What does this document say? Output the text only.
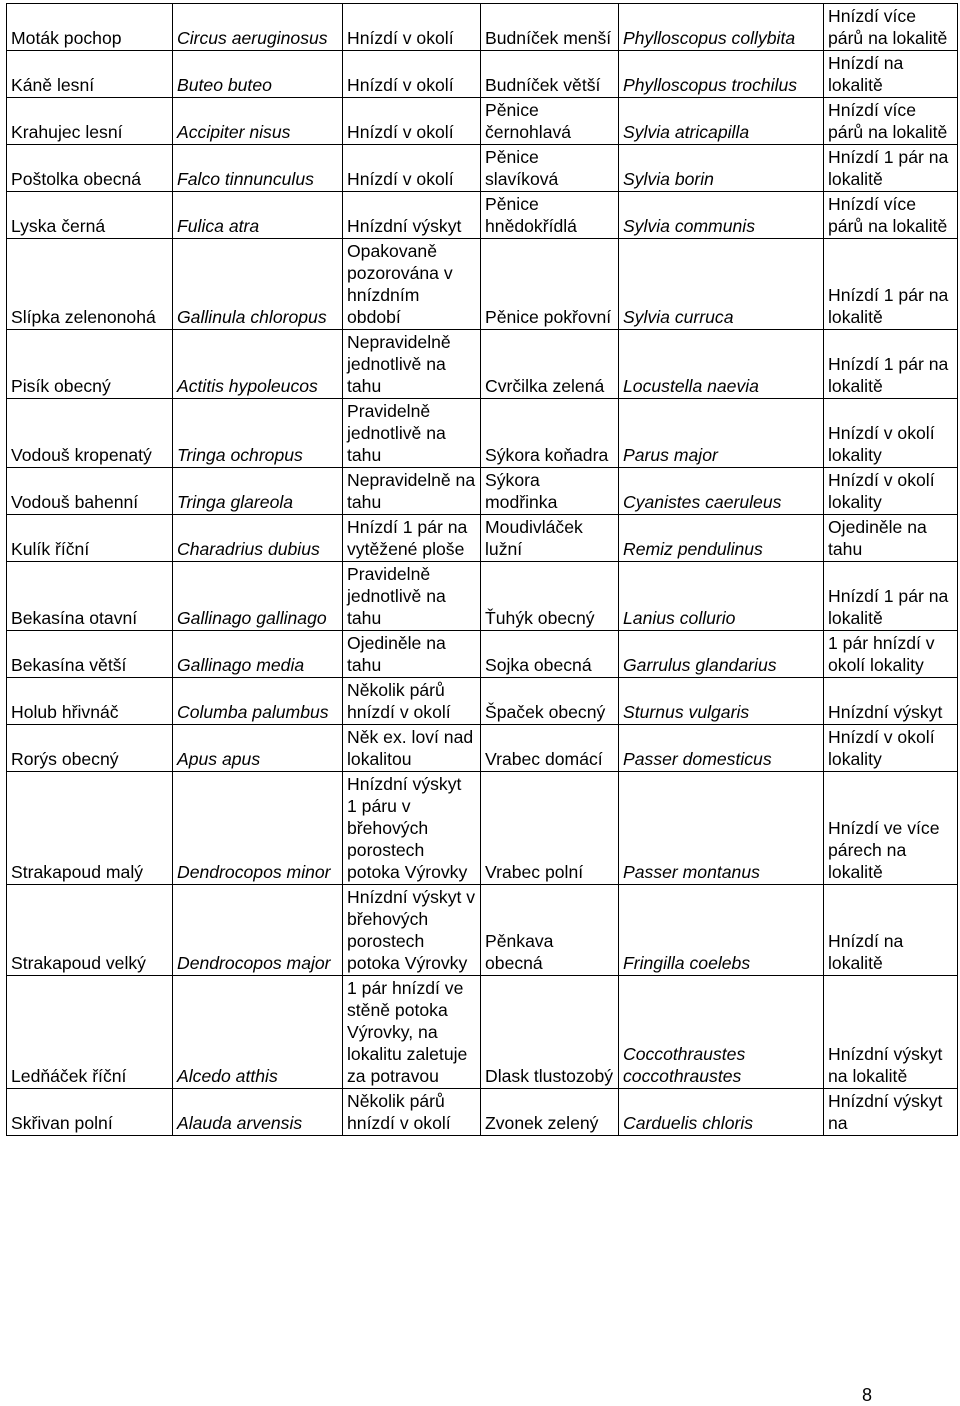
Moták pochop	Circus aeruginosus	Hnízdí v okolí	Budníček menší	Phylloscopus collybita	Hnízdí více párů na lokalitě
Káně lesní	Buteo buteo	Hnízdí v okolí	Budníček větší	Phylloscopus trochilus	Hnízdí na lokalitě
Krahujec lesní	Accipiter nisus	Hnízdí v okolí	Pěnice černohlavá	Sylvia atricapilla	Hnízdí více párů na lokalitě
Poštolka obecná	Falco tinnunculus	Hnízdí v okolí	Pěnice slavíková	Sylvia borin	Hnízdí 1 pár na lokalitě
Lyska černá	Fulica atra	Hnízdní výskyt	Pěnice hnědokřídlá	Sylvia communis	Hnízdí více párů na lokalitě
Slípka zelenonohá	Gallinula chloropus	Opakovaně pozorována v hnízdním období	Pěnice pokřovní	Sylvia curruca	Hnízdí 1 pár na lokalitě
Pisík obecný	Actitis hypoleucos	Nepravidelně jednotlivě na tahu	Cvrčilka zelená	Locustella naevia	Hnízdí 1 pár na lokalitě
Vodouš kropenatý	Tringa ochropus	Pravidelně jednotlivě na tahu	Sýkora koňadra	Parus major	Hnízdí v okolí lokality
Vodouš bahenní	Tringa glareola	Nepravidelně na tahu	Sýkora modřinka	Cyanistes caeruleus	Hnízdí v okolí lokality
Kulík říční	Charadrius dubius	Hnízdí 1 pár na vytěžené ploše	Moudivláček lužní	Remiz pendulinus	Ojediněle na tahu
Bekasína otavní	Gallinago gallinago	Pravidelně jednotlivě na tahu	Ťuhýk obecný	Lanius collurio	Hnízdí 1 pár na lokalitě
Bekasína větší	Gallinago media	Ojediněle na tahu	Sojka obecná	Garrulus glandarius	1 pár hnízdí v okolí lokality
Holub hřivnáč	Columba palumbus	Několik párů hnízdí v okolí	Špaček obecný	Sturnus vulgaris	Hnízdní výskyt
Rorýs obecný	Apus apus	Něk ex. loví nad lokalitou	Vrabec domácí	Passer domesticus	Hnízdí v okolí lokality
Strakapoud malý	Dendrocopos minor	Hnízdní výskyt 1 páru v břehových porostech potoka Výrovky	Vrabec polní	Passer montanus	Hnízdí ve více párech na lokalitě
Strakapoud velký	Dendrocopos major	Hnízdní výskyt v břehových porostech potoka Výrovky	Pěnkava obecná	Fringilla coelebs	Hnízdí na lokalitě
Ledňáček říční	Alcedo atthis	1 pár hnízdí ve stěně potoka Výrovky, na lokalitu zaletuje za potravou	Dlask tlustozobý	Coccothraustes coccothraustes	Hnízdní výskyt na lokalitě
Skřivan polní	Alauda arvensis	Několik párů hnízdí v okolí	Zvonek zelený	Carduelis chloris	Hnízdní výskyt na
8
